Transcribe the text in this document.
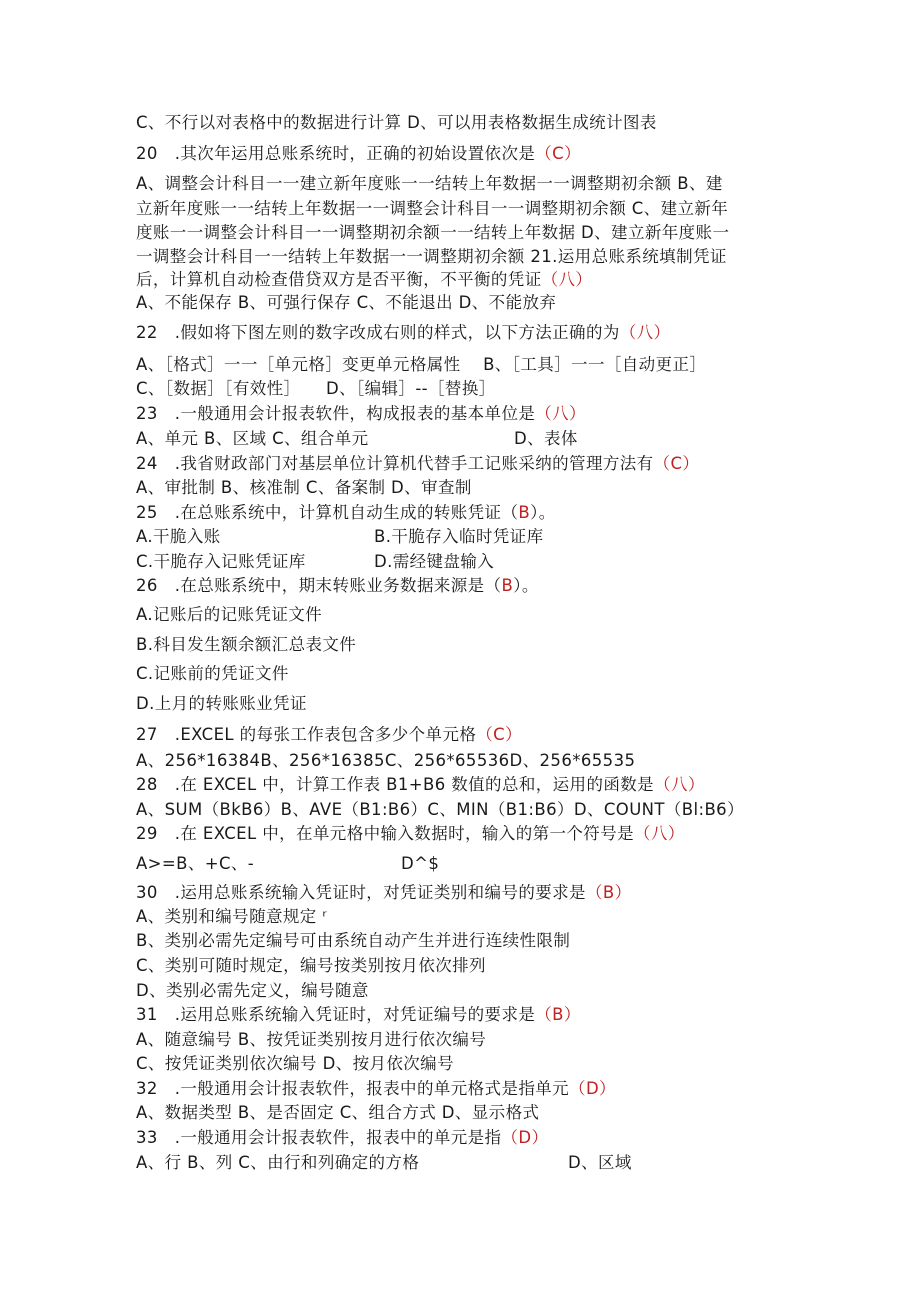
C、不行以对表格中的数据进行计算 D、可以用表格数据生成统计图表
20　.其次年运用总账系统时，正确的初始设置依次是（C）
A、调整会计科目一一建立新年度账一一结转上年数据一一调整期初余额 B、建
立新年度账一一结转上年数据一一调整会计科目一一调整期初余额 C、建立新年
度账一一调整会计科目一一调整期初余额一一结转上年数据 D、建立新年度账一
一调整会计科目一一结转上年数据一一调整期初余额 21.运用总账系统填制凭证
后，计算机自动检查借贷双方是否平衡，不平衡的凭证（八）
A、不能保存 B、可强行保存 C、不能退出 D、不能放弃
22　.假如将下图左则的数字改成右则的样式，以下方法正确的为（八）
A、［格式］一一［单元格］变更单元格属性　 B、［工具］一一［自动更正］
C、［数据］［有效性］　　D、［编辑］--［替换］
23　.一般通用会计报表软件，构成报表的基本单位是（八）
A、单元 B、区域 C、组合单元	D、表体
24　.我省财政部门对基层单位计算机代替手工记账采纳的管理方法有（C）
A、审批制 B、核准制 C、备案制 D、审查制
25　.在总账系统中，计算机自动生成的转账凭证（B）。
A.干脆入账	B.干脆存入临时凭证库
C.干脆存入记账凭证库	D.需经键盘输入
26　.在总账系统中，期末转账业务数据来源是（B）。
A.记账后的记账凭证文件
B.科目发生额余额汇总表文件
C.记账前的凭证文件
D.上月的转账账业凭证
27　.EXCEL 的每张工作表包含多少个单元格（C）
A、256*16384B、256*16385C、256*65536D、256*65535
28　.在 EXCEL 中，计算工作表 B1+B6 数值的总和，运用的函数是（八）
A、SUM（BkB6）B、AVE（B1:B6）C、MIN（B1:B6）D、COUNT（Bl:B6）
29　.在 EXCEL 中，在单元格中输入数据时，输入的第一个符号是（八）
A>=B、+C、-	D^$
30　.运用总账系统输入凭证时，对凭证类别和编号的要求是（B）
A、类别和编号随意规定 ʳ
B、类别必需先定编号可由系统自动产生并进行连续性限制
C、类别可随时规定，编号按类别按月依次排列
D、类别必需先定义，编号随意
31　.运用总账系统输入凭证时，对凭证编号的要求是（B）
A、随意编号 B、按凭证类别按月进行依次编号
C、按凭证类别依次编号 D、按月依次编号
32　.一般通用会计报表软件，报表中的单元格式是指单元（D）
A、数据类型 B、是否固定 C、组合方式 D、显示格式
33　.一般通用会计报表软件，报表中的单元是指（D）
A、行 B、列 C、由行和列确定的方格	D、区域
